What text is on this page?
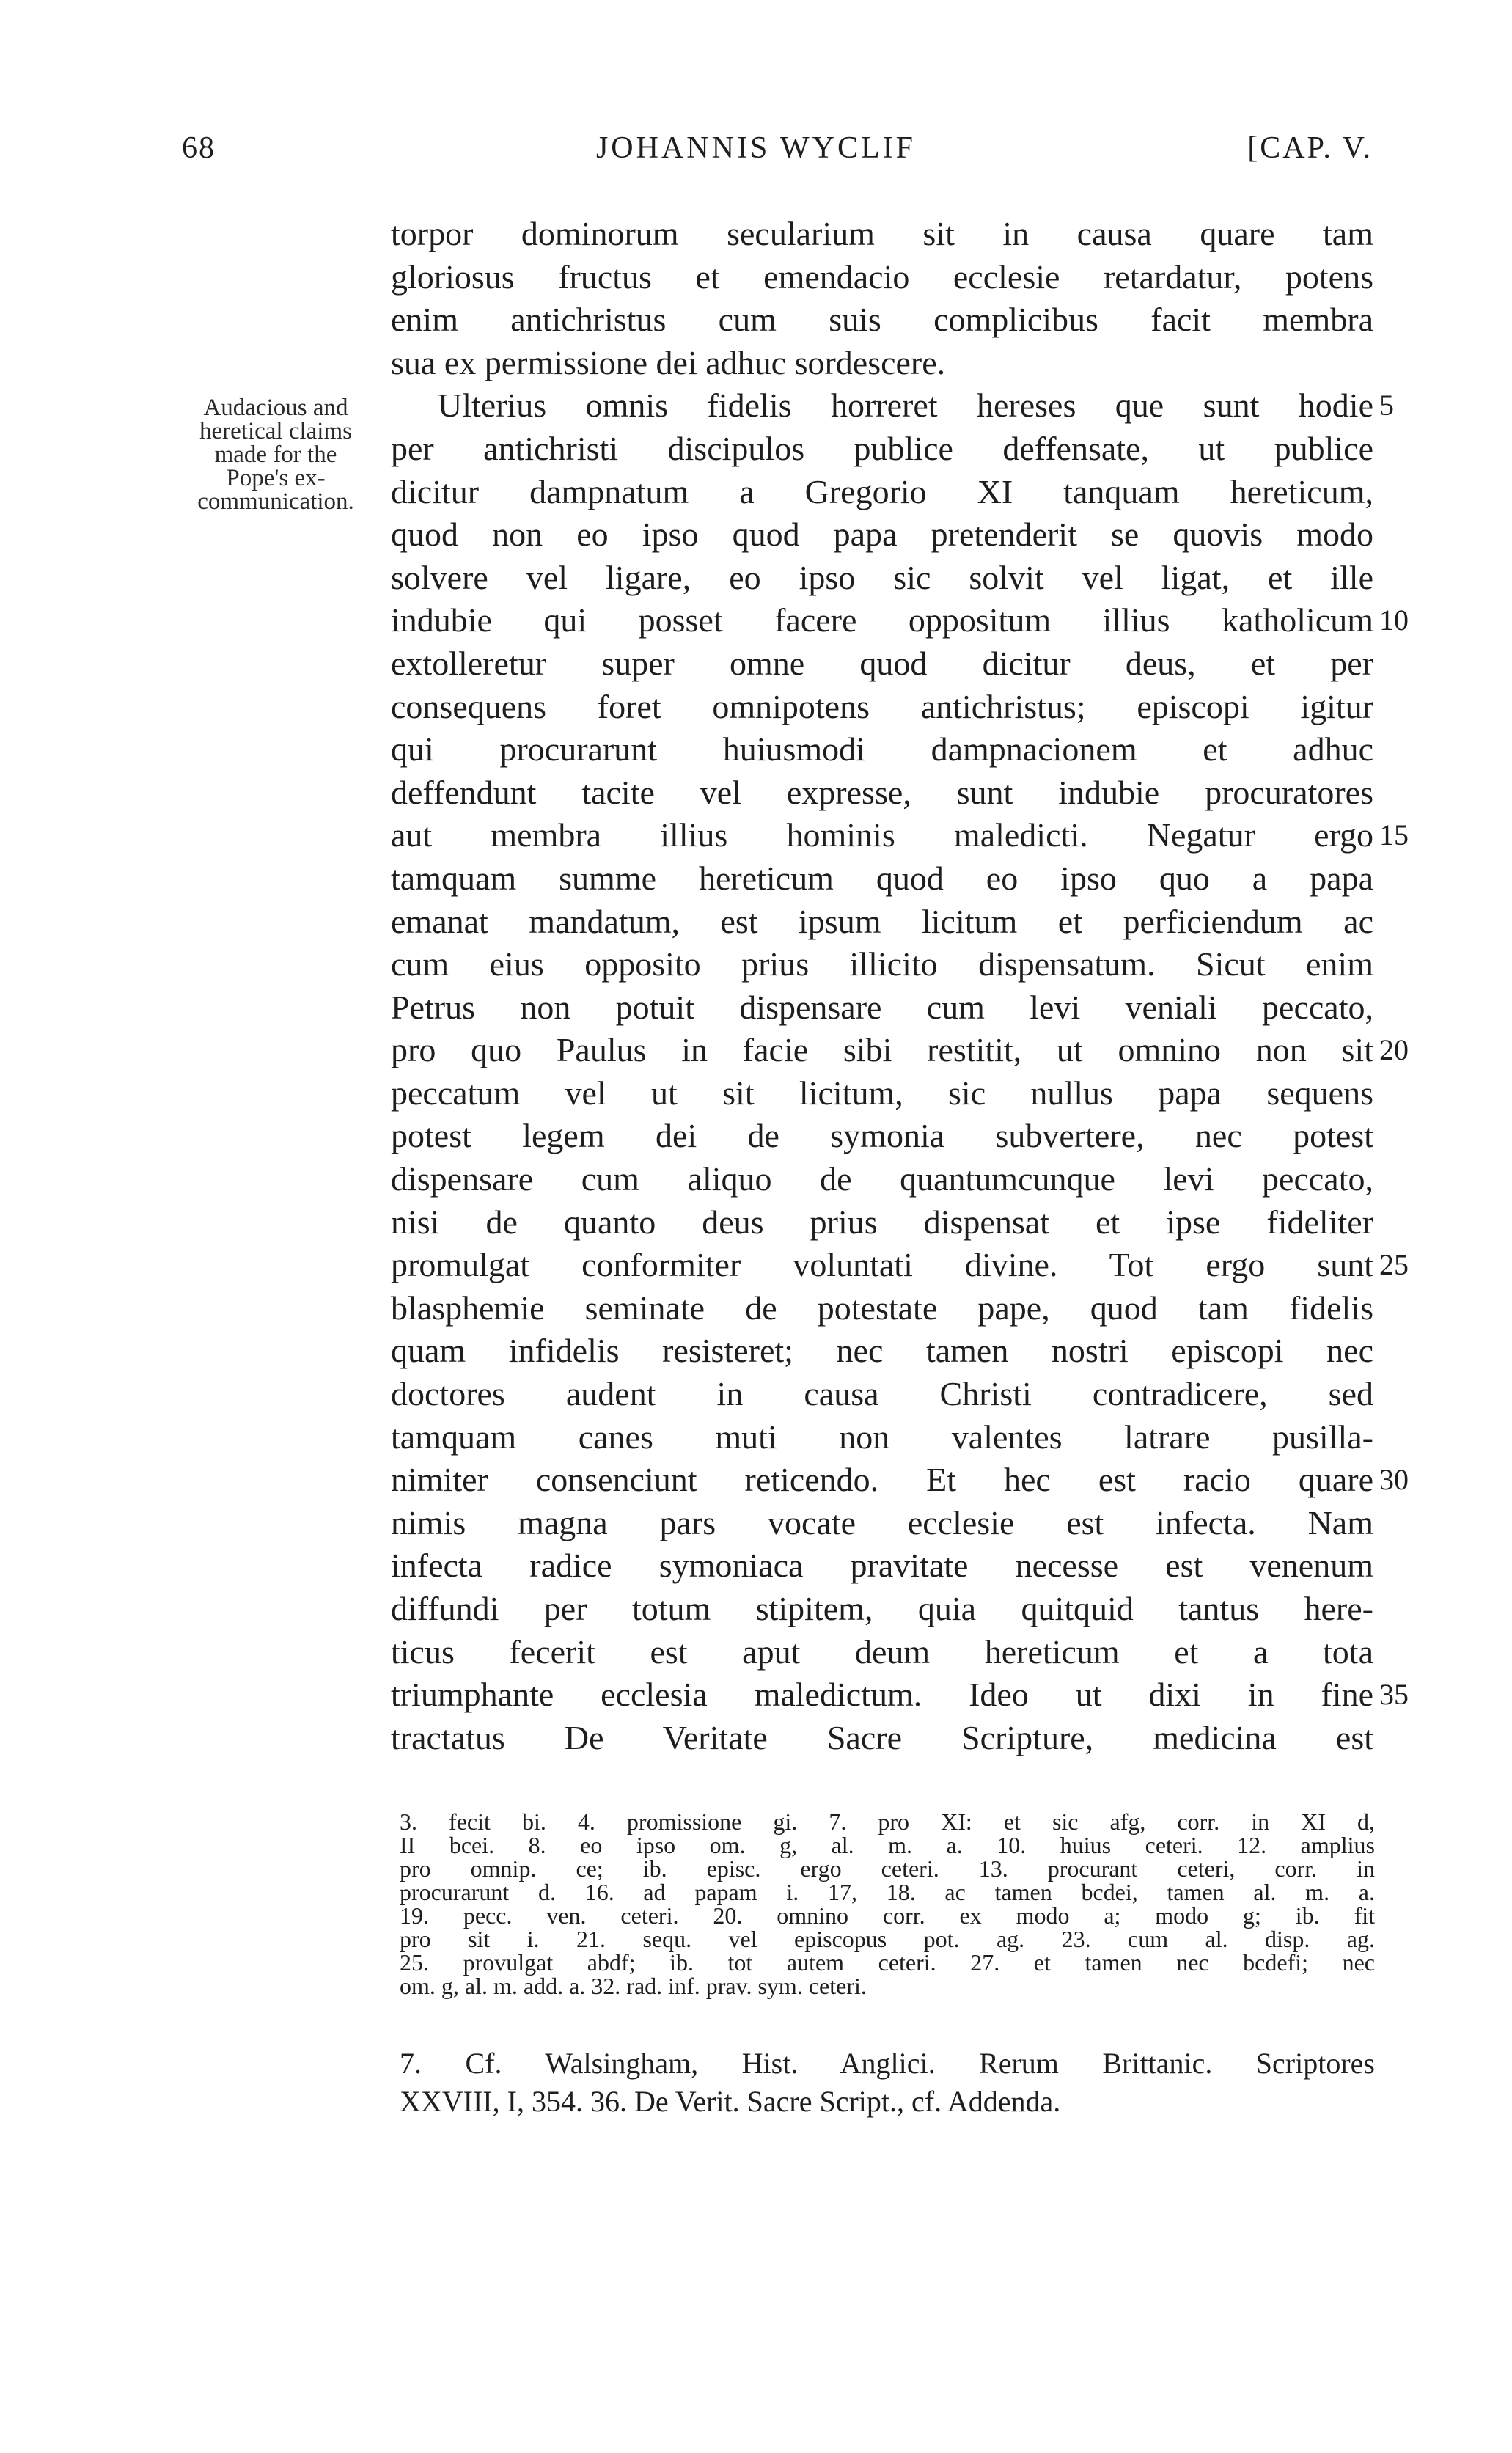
68	JOHANNIS WYCLIF	[CAP. V.
Audacious and
heretical claims
made for the
Pope's ex-
communication.
torpor dominorum secularium sit in causa quare tam
gloriosus fructus et emendacio ecclesie retardatur, potens
enim antichristus cum suis complicibus facit membra
sua ex permissione dei adhuc sordescere.
Ulterius omnis fidelis horreret hereses que sunt hodie 5
per antichristi discipulos publice deffensate, ut publice
dicitur dampnatum a Gregorio XI tanquam hereticum,
quod non eo ipso quod papa pretenderit se quovis modo
solvere vel ligare, eo ipso sic solvit vel ligat, et ille
indubie qui posset facere oppositum illius katholicum 10
extolleretur super omne quod dicitur deus, et per
consequens foret omnipotens antichristus; episcopi igitur
qui procurarunt huiusmodi dampnacionem et adhuc
deffendunt tacite vel expresse, sunt indubie procuratores
aut membra illius hominis maledicti. Negatur ergo 15
tamquam summe hereticum quod eo ipso quo a papa
emanat mandatum, est ipsum licitum et perficiendum ac
cum eius opposito prius illicito dispensatum. Sicut enim
Petrus non potuit dispensare cum levi veniali peccato,
pro quo Paulus in facie sibi restitit, ut omnino non sit 20
peccatum vel ut sit licitum, sic nullus papa sequens
potest legem dei de symonia subvertere, nec potest
dispensare cum aliquo de quantumcunque levi peccato,
nisi de quanto deus prius dispensat et ipse fideliter
promulgat conformiter voluntati divine. Tot ergo sunt 25
blasphemie seminate de potestate pape, quod tam fidelis
quam infidelis resisteret; nec tamen nostri episcopi nec
doctores audent in causa Christi contradicere, sed
tamquam canes muti non valentes latrare pusilla-
nimiter consenciunt reticendo. Et hec est racio quare 30
nimis magna pars vocate ecclesie est infecta. Nam
infecta radice symoniaca pravitate necesse est venenum
diffundi per totum stipitem, quia quitquid tantus here-
ticus fecerit est aput deum hereticum et a tota
triumphante ecclesia maledictum. Ideo ut dixi in fine 35
tractatus De Veritate Sacre Scripture, medicina est
3. fecit bi. 4. promissione gi. 7. pro XI: et sic afg, corr. in XI d,
II bcei. 8. eo ipso om. g, al. m. a. 10. huius ceteri. 12. amplius
pro omnip. ce; ib. episc. ergo ceteri. 13. procurant ceteri, corr. in
procurarunt d. 16. ad papam i. 17, 18. ac tamen bcdei, tamen al. m. a.
19. pecc. ven. ceteri. 20. omnino corr. ex modo a; modo g; ib. fit
pro sit i. 21. sequ. vel episcopus pot. ag. 23. cum al. disp. ag.
25. provulgat abdf; ib. tot autem ceteri. 27. et tamen nec bcdefi; nec
om. g, al. m. add. a. 32. rad. inf. prav. sym. ceteri.
7. Cf. Walsingham, Hist. Anglici. Rerum Brittanic. Scriptores
XXVIII, I, 354. 36. De Verit. Sacre Script., cf. Addenda.
